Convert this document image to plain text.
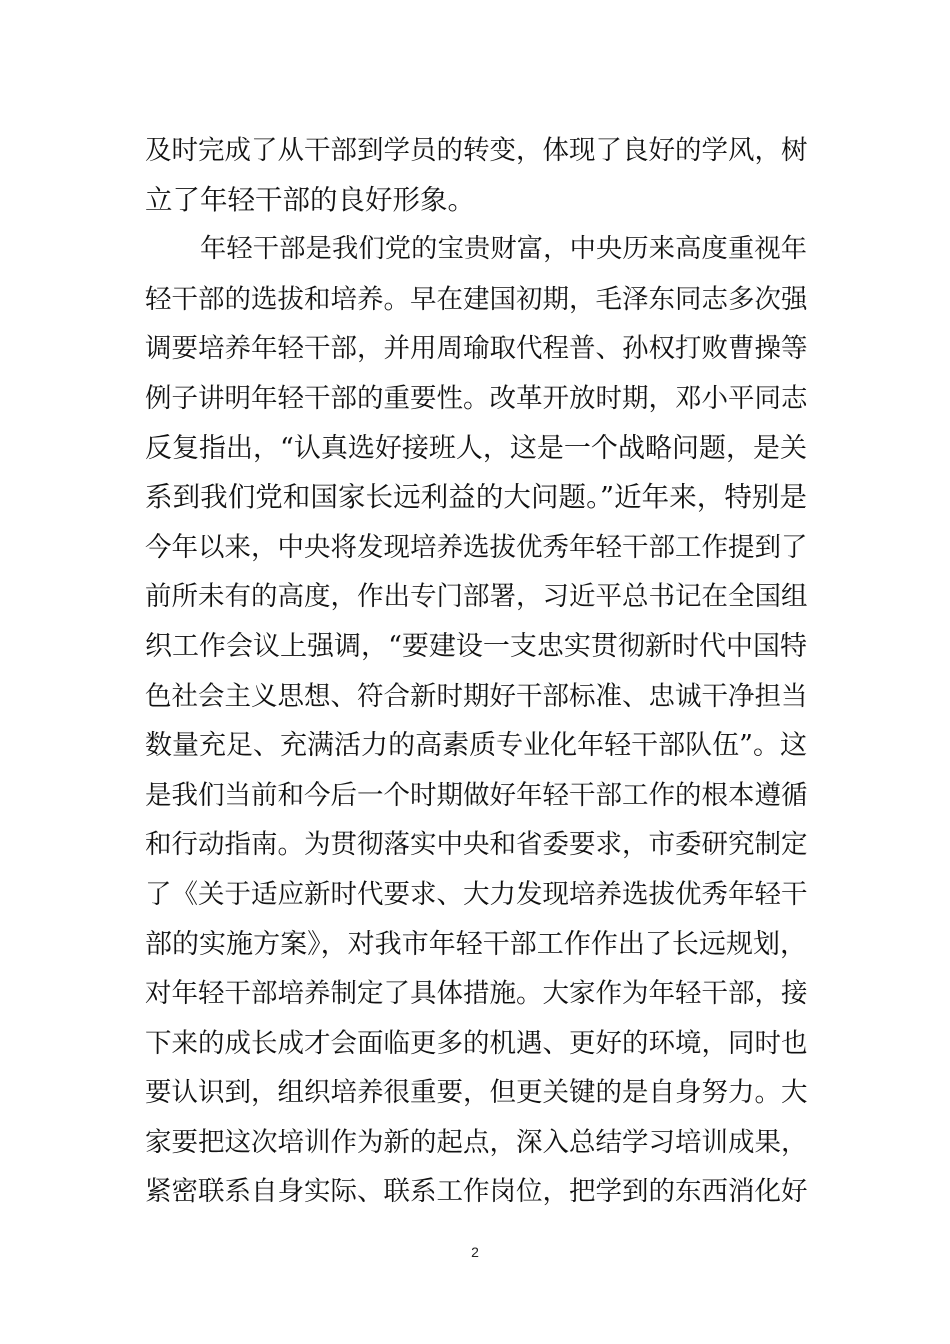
及时完成了从干部到学员的转变，体现了良好的学风，树
立了年轻干部的良好形象。
年轻干部是我们党的宝贵财富，中央历来高度重视年
轻干部的选拔和培养。早在建国初期，毛泽东同志多次强
调要培养年轻干部，并用周瑜取代程普、孙权打败曹操等
例子讲明年轻干部的重要性。改革开放时期，邓小平同志
反复指出，“认真选好接班人，这是一个战略问题，是关
系到我们党和国家长远利益的大问题。”近年来，特别是
今年以来，中央将发现培养选拔优秀年轻干部工作提到了
前所未有的高度，作出专门部署，习近平总书记在全国组
织工作会议上强调，“要建设一支忠实贯彻新时代中国特
色社会主义思想、符合新时期好干部标准、忠诚干净担当
数量充足、充满活力的高素质专业化年轻干部队伍”。这
是我们当前和今后一个时期做好年轻干部工作的根本遵循
和行动指南。为贯彻落实中央和省委要求，市委研究制定
了《关于适应新时代要求、大力发现培养选拔优秀年轻干
部的实施方案》，对我市年轻干部工作作出了长远规划，
对年轻干部培养制定了具体措施。大家作为年轻干部，接
下来的成长成才会面临更多的机遇、更好的环境，同时也
要认识到，组织培养很重要，但更关键的是自身努力。大
家要把这次培训作为新的起点，深入总结学习培训成果，
紧密联系自身实际、联系工作岗位，把学到的东西消化好
2
